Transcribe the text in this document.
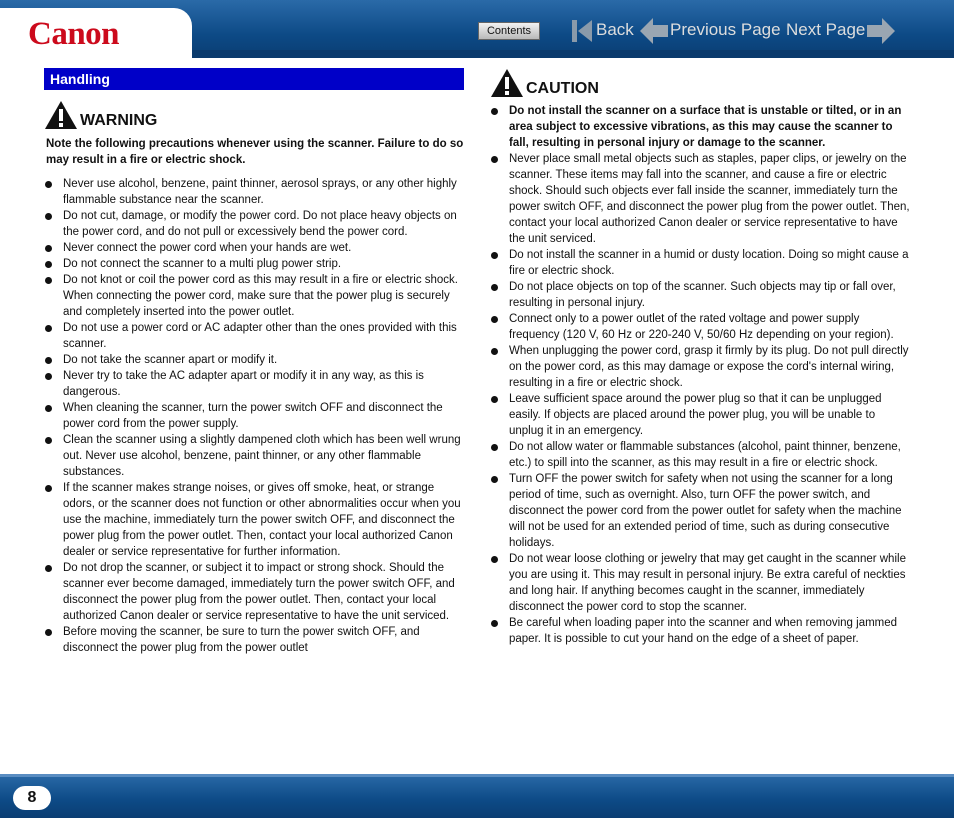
Canon	Contents	Back	Previous Page Next Page
Handling
WARNING
Note the following precautions whenever using the scanner. Failure to do so may result in a fire or electric shock.
Never use alcohol, benzene, paint thinner, aerosol sprays, or any other highly flammable substance near the scanner.
Do not cut, damage, or modify the power cord. Do not place heavy objects on the power cord, and do not pull or excessively bend the power cord.
Never connect the power cord when your hands are wet.
Do not connect the scanner to a multi plug power strip.
Do not knot or coil the power cord as this may result in a fire or electric shock. When connecting the power cord, make sure that the power plug is securely and completely inserted into the power outlet.
Do not use a power cord or AC adapter other than the ones provided with this scanner.
Do not take the scanner apart or modify it.
Never try to take the AC adapter apart or modify it in any way, as this is dangerous.
When cleaning the scanner, turn the power switch OFF and disconnect the power cord from the power supply.
Clean the scanner using a slightly dampened cloth which has been well wrung out. Never use alcohol, benzene, paint thinner, or any other flammable substances.
If the scanner makes strange noises, or gives off smoke, heat, or strange odors, or the scanner does not function or other abnormalities occur when you use the machine, immediately turn the power switch OFF, and disconnect the power plug from the power outlet. Then, contact your local authorized Canon dealer or service representative for further information.
Do not drop the scanner, or subject it to impact or strong shock. Should the scanner ever become damaged, immediately turn the power switch OFF, and disconnect the power plug from the power outlet. Then, contact your local authorized Canon dealer or service representative to have the unit serviced.
Before moving the scanner, be sure to turn the power switch OFF, and disconnect the power plug from the power outlet
CAUTION
Do not install the scanner on a surface that is unstable or tilted, or in an area subject to excessive vibrations, as this may cause the scanner to fall, resulting in personal injury or damage to the scanner.
Never place small metal objects such as staples, paper clips, or jewelry on the scanner. These items may fall into the scanner, and cause a fire or electric shock. Should such objects ever fall inside the scanner, immediately turn the power switch OFF, and disconnect the power plug from the power outlet. Then, contact your local authorized Canon dealer or service representative to have the unit serviced.
Do not install the scanner in a humid or dusty location. Doing so might cause a fire or electric shock.
Do not place objects on top of the scanner. Such objects may tip or fall over, resulting in personal injury.
Connect only to a power outlet of the rated voltage and power supply frequency (120 V, 60 Hz or 220-240 V, 50/60 Hz depending on your region).
When unplugging the power cord, grasp it firmly by its plug. Do not pull directly on the power cord, as this may damage or expose the cord's internal wiring, resulting in a fire or electric shock.
Leave sufficient space around the power plug so that it can be unplugged easily. If objects are placed around the power plug, you will be unable to unplug it in an emergency.
Do not allow water or flammable substances (alcohol, paint thinner, benzene, etc.) to spill into the scanner, as this may result in a fire or electric shock.
Turn OFF the power switch for safety when not using the scanner for a long period of time, such as overnight. Also, turn OFF the power switch, and disconnect the power cord from the power outlet for safety when the machine will not be used for an extended period of time, such as during consecutive holidays.
Do not wear loose clothing or jewelry that may get caught in the scanner while you are using it. This may result in personal injury. Be extra careful of neckties and long hair. If anything becomes caught in the scanner, immediately disconnect the power cord to stop the scanner.
Be careful when loading paper into the scanner and when removing jammed paper. It is possible to cut your hand on the edge of a sheet of paper.
8
